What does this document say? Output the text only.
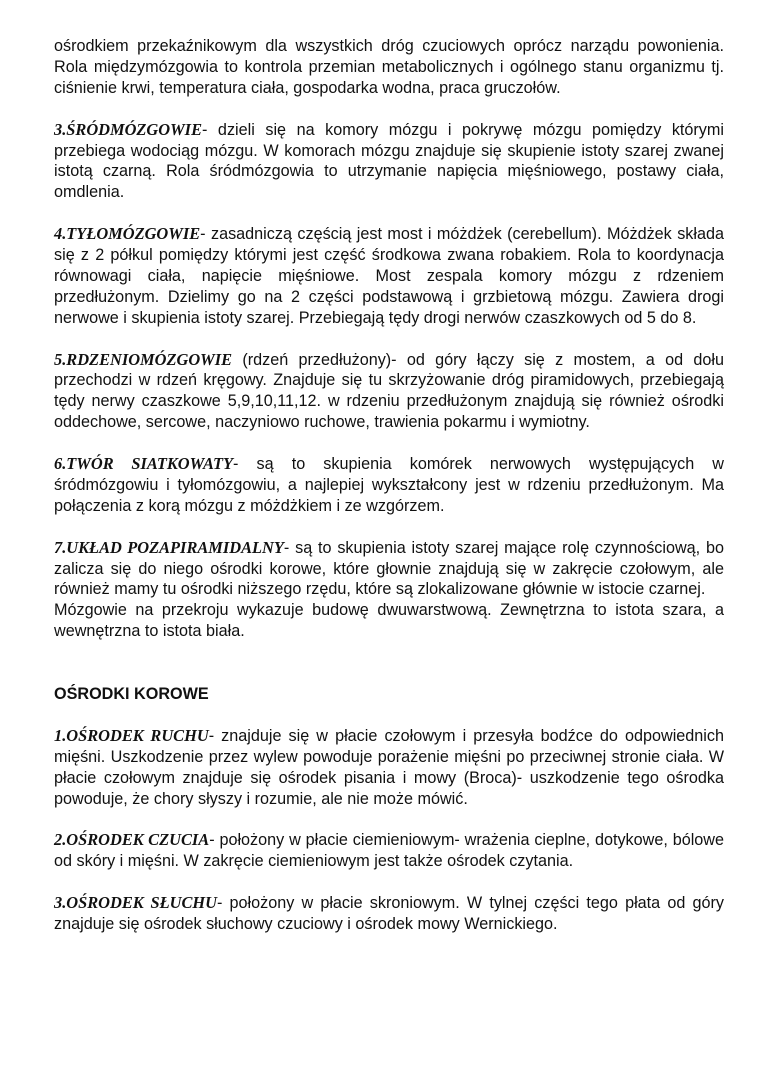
ośrodkiem przekaźnikowym dla wszystkich dróg czuciowych oprócz narządu powonienia. Rola międzymózgowia to kontrola przemian metabolicznych i ogólnego stanu organizmu tj. ciśnienie krwi, temperatura ciała, gospodarka wodna, praca gruczołów.

3.ŚRÓDMÓZGOWIE- dzieli się na komory mózgu i pokrywę mózgu pomiędzy którymi przebiega wodociąg mózgu. W komorach mózgu znajduje się skupienie istoty szarej zwanej istotą czarną. Rola śródmózgowia to utrzymanie napięcia mięśniowego, postawy ciała, omdlenia.

4.TYŁOMÓZGOWIE- zasadniczą częścią jest most i móżdżek (cerebellum). Móżdżek składa się z 2 półkul pomiędzy którymi jest część środkowa zwana robakiem. Rola to koordynacja równowagi ciała, napięcie mięśniowe. Most zespala komory mózgu z rdzeniem przedłużonym. Dzielimy go na 2 części podstawową i grzbietową mózgu. Zawiera drogi nerwowe i skupienia istoty szarej. Przebiegają tędy drogi nerwów czaszkowych od 5 do 8.

5.RDZENIOMÓZGOWIE (rdzeń przedłużony)- od góry łączy się z mostem, a od dołu przechodzi w rdzeń kręgowy. Znajduje się tu skrzyżowanie dróg piramidowych, przebiegają tędy nerwy czaszkowe 5,9,10,11,12. w rdzeniu przedłużonym znajdują się również ośrodki oddechowe, sercowe, naczyniowo ruchowe, trawienia pokarmu i wymiotny.

6.TWÓR SIATKOWATY- są to skupienia komórek nerwowych występujących w śródmózgowiu i tyłomózgowiu, a najlepiej wykształcony jest w rdzeniu przedłużonym. Ma połączenia z korą mózgu z móżdżkiem i ze wzgórzem.

7.UKŁAD POZAPIRAMIDALNY- są to skupienia istoty szarej mające rolę czynnościową, bo zalicza się do niego ośrodki korowe, które głownie znajdują się w zakręcie czołowym, ale również mamy tu ośrodki niższego rzędu, które są zlokalizowane głównie w istocie czarnej.

Mózgowie na przekroju wykazuje budowę dwuwarstwową. Zewnętrzna to istota szara, a wewnętrzna to istota biała.

OŚRODKI KOROWE

1.OŚRODEK RUCHU- znajduje się w płacie czołowym i przesyła bodźce do odpowiednich mięśni. Uszkodzenie przez wylew powoduje porażenie mięśni po przeciwnej stronie ciała. W płacie czołowym znajduje się ośrodek pisania i mowy (Broca)- uszkodzenie tego ośrodka powoduje, że chory słyszy i rozumie, ale nie może mówić.

2.OŚRODEK CZUCIA- położony w płacie ciemieniowym- wrażenia cieplne, dotykowe, bólowe od skóry i mięśni. W zakręcie ciemieniowym jest także ośrodek czytania.

3.OŚRODEK SŁUCHU- położony w płacie skroniowym. W tylnej części tego płata od góry znajduje się ośrodek słuchowy czuciowy i ośrodek mowy Wernickiego.
